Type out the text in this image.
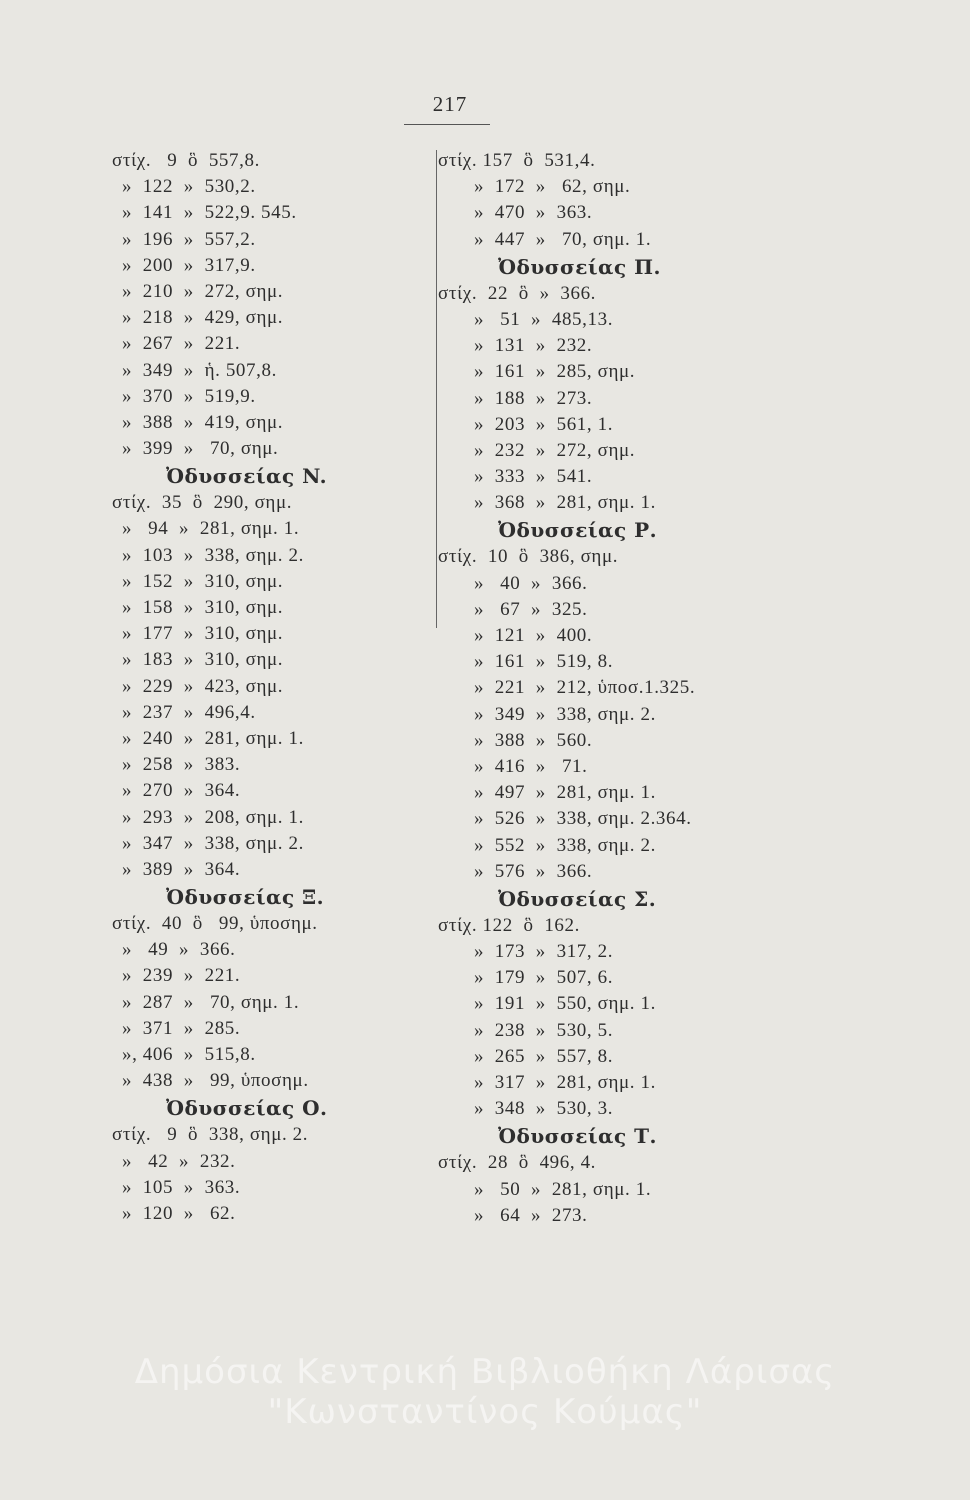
217
στίχ.   9  ὃ  557,8.
»  122  »  530,2.
»  141  »  522,9. 545.
»  196  »  557,2.
»  200  »  317,9.
»  210  »  272, σημ.
»  218  »  429, σημ.
»  267  »  221.
»  349  »  ἡ. 507,8.
»  370  »  519,9.
»  388  »  419, σημ.
»  399  »   70, σημ.
Ὀδυσσείας N.
στίχ.  35  ὃ  290, σημ.
»   94  »  281, σημ. 1.
»  103  »  338, σημ. 2.
»  152  »  310, σημ.
»  158  »  310, σημ.
»  177  »  310, σημ.
»  183  »  310, σημ.
»  229  »  423, σημ.
»  237  »  496,4.
»  240  »  281, σημ. 1.
»  258  »  383.
»  270  »  364.
»  293  »  208, σημ. 1.
»  347  »  338, σημ. 2.
»  389  »  364.
Ὀδυσσείας Ξ.
στίχ.  40  ὃ   99, ὑποσημ.
»   49  »  366.
»  239  »  221.
»  287  »   70, σημ. 1.
»  371  »  285.
», 406  »  515,8.
»  438  »   99, ὑποσημ.
Ὀδυσσείας Ο.
στίχ.   9  ὃ  338, σημ. 2.
»   42  »  232.
»  105  »  363.
»  120  »   62.
στίχ. 157  ὃ  531,4.
»  172  »   62, σημ.
»  470  »  363.
»  447  »   70, σημ. 1.
Ὀδυσσείας Π.
στίχ.  22  ὃ  »  366.
»   51  »  485,13.
»  131  »  232.
»  161  »  285, σημ.
»  188  »  273.
»  203  »  561, 1.
»  232  »  272, σημ.
»  333  »  541.
»  368  »  281, σημ. 1.
Ὀδυσσείας Ρ.
στίχ.  10  ὃ  386, σημ.
»   40  »  366.
»   67  »  325.
»  121  »  400.
»  161  »  519, 8.
»  221  »  212, ὑποσ.1.325.
»  349  »  338, σημ. 2.
»  388  »  560.
»  416  »   71.
»  497  »  281, σημ. 1.
»  526  »  338, σημ. 2.364.
»  552  »  338, σημ. 2.
»  576  »  366.
Ὀδυσσείας Σ.
στίχ. 122  ὃ  162.
»  173  »  317, 2.
»  179  »  507, 6.
»  191  »  550, σημ. 1.
»  238  »  530, 5.
»  265  »  557, 8.
»  317  »  281, σημ. 1.
»  348  »  530, 3.
Ὀδυσσείας Τ.
στίχ.  28  ὃ  496, 4.
»   50  »  281, σημ. 1.
»   64  »  273.
Δημόσια Κεντρική Βιβλιοθήκη Λάρισας
"Κωνσταντίνος Κούμας"
